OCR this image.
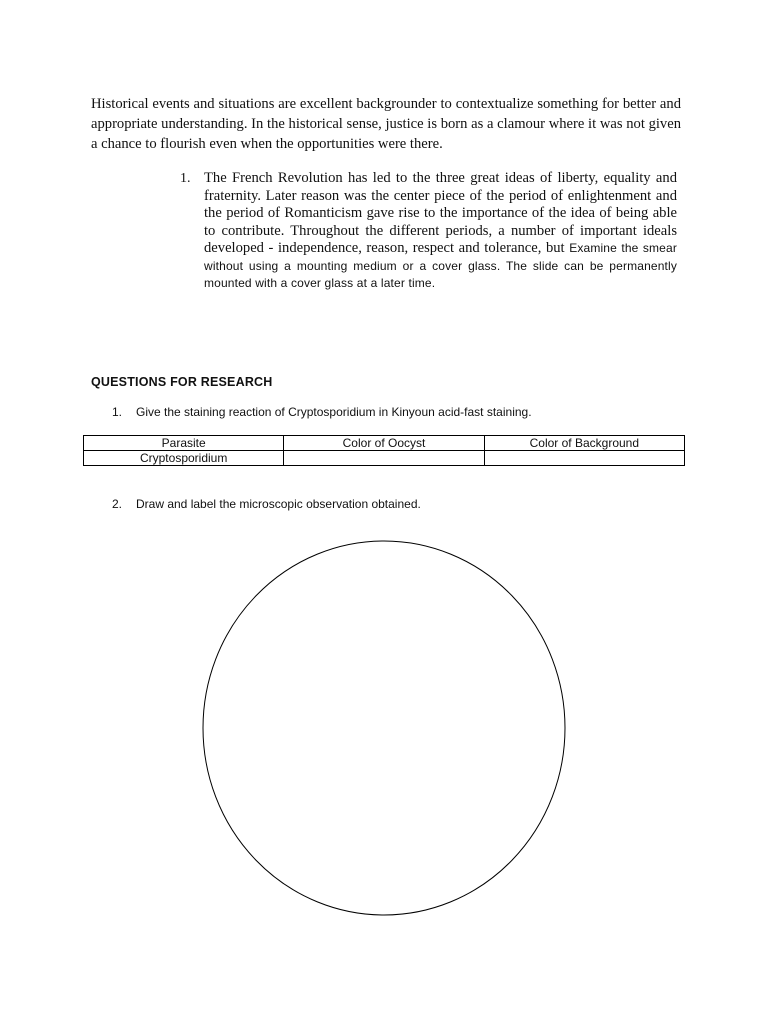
Historical events and situations are excellent backgrounder to contextualize something for better and appropriate understanding. In the historical sense, justice is born as a clamour where it was not given a chance to flourish even when the opportunities were there.

1. The French Revolution has led to the three great ideas of liberty, equality and fraternity. Later reason was the center piece of the period of enlightenment and the period of Romanticism gave rise to the importance of the idea of being able to contribute. Throughout the different periods, a number of important ideals developed - independence, reason, respect and tolerance, but Examine the smear without using a mounting medium or a cover glass. The slide can be permanently mounted with a cover glass at a later time.

QUESTIONS FOR RESEARCH
1. Give the staining reaction of Cryptosporidium in Kinyoun acid-fast staining.
Parasite	Color of Oocyst	Color of Background
Cryptosporidium		
2. Draw and label the microscopic observation obtained.
